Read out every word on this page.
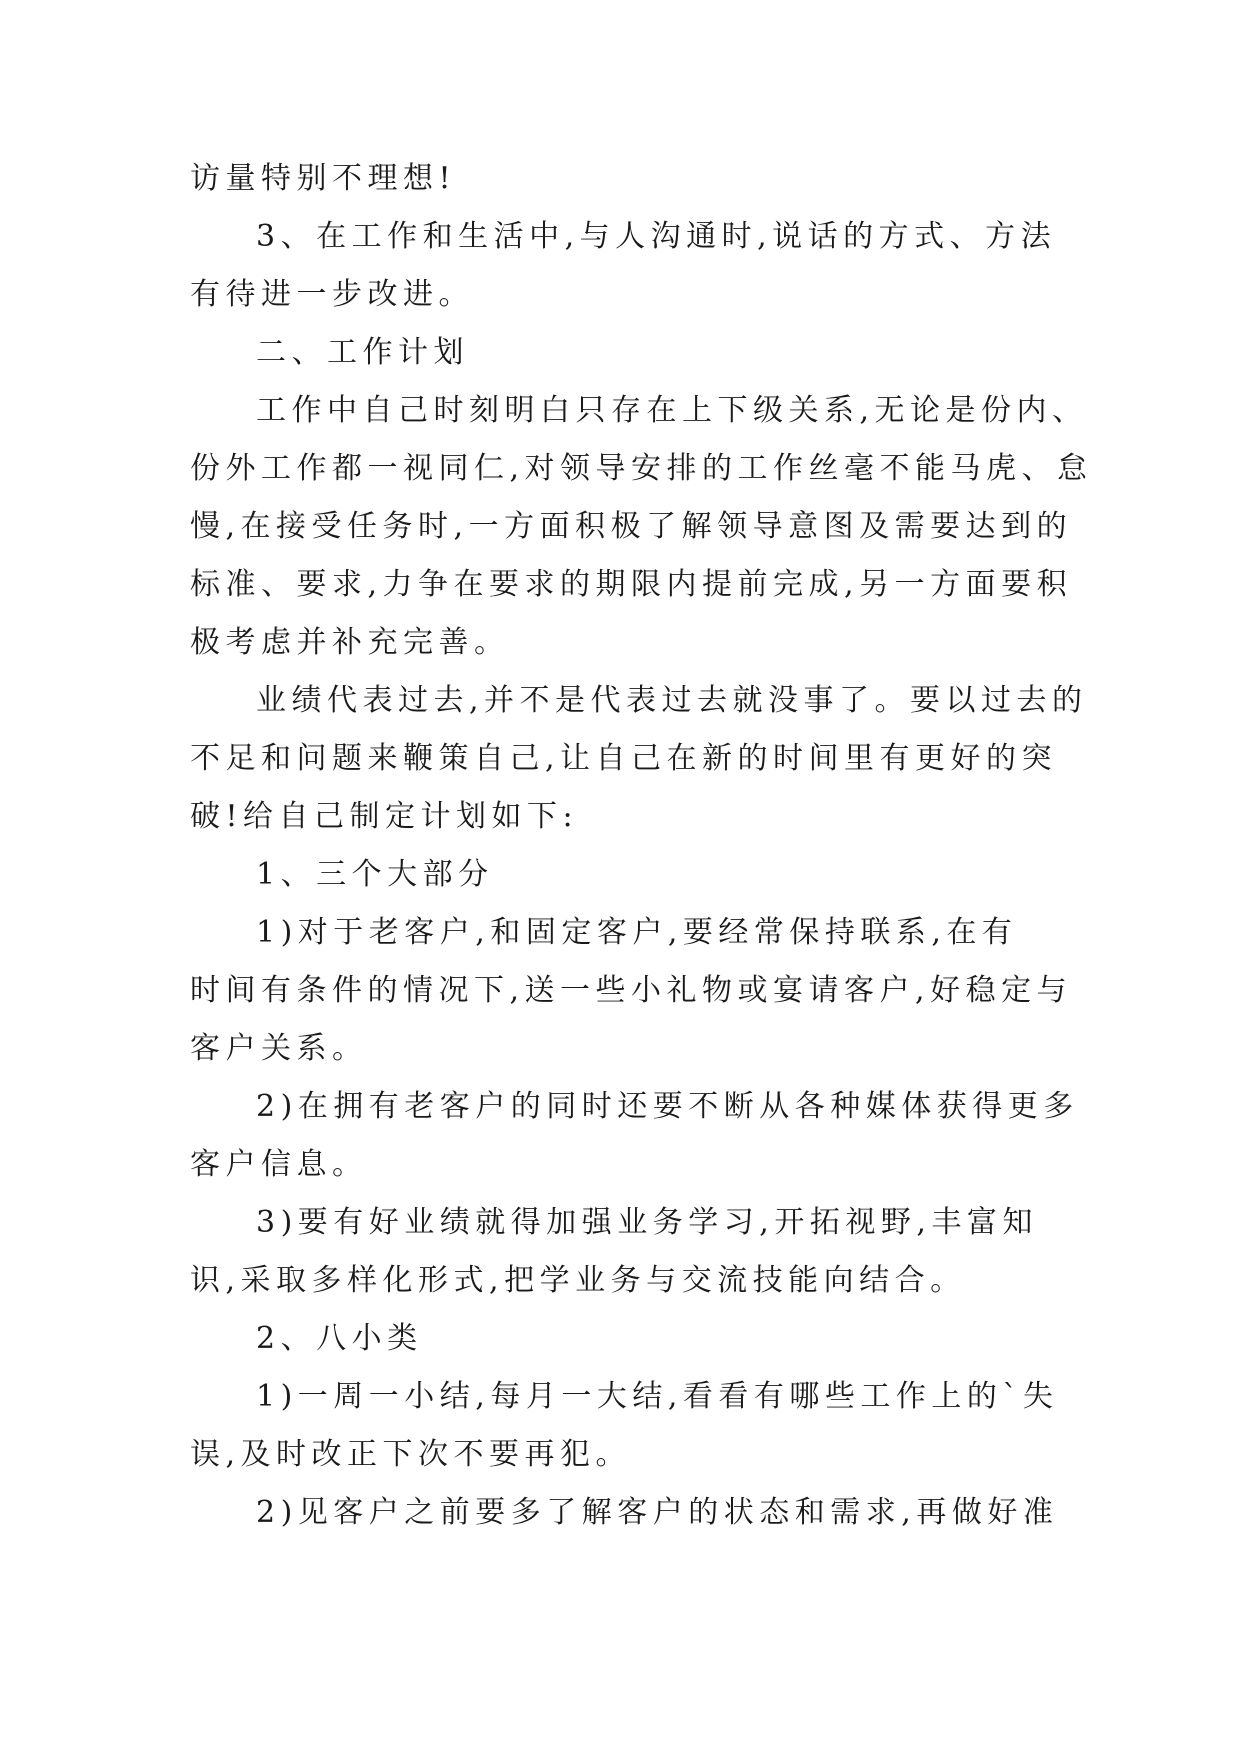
访量特别不理想!
3、在工作和生活中,与人沟通时,说话的方式、方法
有待进一步改进。
二、工作计划
工作中自己时刻明白只存在上下级关系,无论是份内、
份外工作都一视同仁,对领导安排的工作丝毫不能马虎、怠
慢,在接受任务时,一方面积极了解领导意图及需要达到的
标准、要求,力争在要求的期限内提前完成,另一方面要积
极考虑并补充完善。
业绩代表过去,并不是代表过去就没事了。要以过去的
不足和问题来鞭策自己,让自己在新的时间里有更好的突
破!给自己制定计划如下:
1、三个大部分
1)对于老客户,和固定客户,要经常保持联系,在有
时间有条件的情况下,送一些小礼物或宴请客户,好稳定与
客户关系。
2)在拥有老客户的同时还要不断从各种媒体获得更多
客户信息。
3)要有好业绩就得加强业务学习,开拓视野,丰富知
识,采取多样化形式,把学业务与交流技能向结合。
2、八小类
1)一周一小结,每月一大结,看看有哪些工作上的`失
误,及时改正下次不要再犯。
2)见客户之前要多了解客户的状态和需求,再做好准
